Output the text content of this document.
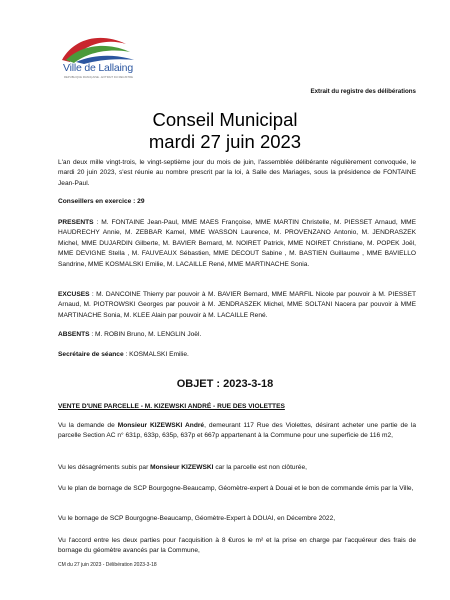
Ville de Lallaing
REPUBLIQUE FRANÇAISE - EXTRAIT DU REGISTRE
Extrait du registre des délibérations
Conseil Municipal
mardi 27 juin 2023
L'an deux mille vingt-trois, le vingt-septième jour du mois de juin, l'assemblée délibérante régulièrement convoquée, le mardi 20 juin 2023, s'est réunie au nombre prescrit par la loi, à Salle des Mariages, sous la présidence de FONTAINE Jean-Paul.
Conseillers en exercice : 29
PRESENTS : M. FONTAINE Jean-Paul, MME MAES Françoise, MME MARTIN Christelle, M. PIESSET Arnaud, MME HAUDRECHY Annie, M. ZEBBAR Kamel, MME WASSON Laurence, M. PROVENZANO Antonio, M. JENDRASZEK Michel, MME DUJARDIN Gilberte, M. BAVIER Bernard, M. NOIRET Patrick, MME NOIRET Christiane, M. POPEK Joël, MME DEVIGNE Stella , M. FAUVEAUX Sébastien, MME DECOUT Sabine , M. BASTIEN Guillaume , MME BAVIELLO Sandrine, MME KOSMALSKI Emilie, M. LACAILLE René, MME MARTINACHE Sonia.
EXCUSES : M. DANCOINE Thierry par pouvoir à M. BAVIER Bernard, MME MARFIL Nicole par pouvoir à M. PIESSET Arnaud, M. PIOTROWSKI Georges par pouvoir à M. JENDRASZEK Michel, MME SOLTANI Nacera par pouvoir à MME MARTINACHE Sonia, M. KLEE Alain par pouvoir à M. LACAILLE René.
ABSENTS : M. ROBIN Bruno, M. LENGLIN Joël.
Secrétaire de séance : KOSMALSKI Emilie.
OBJET : 2023-3-18
VENTE D'UNE PARCELLE - M. KIZEWSKI ANDRÉ - RUE DES VIOLETTES
Vu la demande de Monsieur KIZEWSKI André, demeurant 117 Rue des Violettes, désirant acheter une partie de la parcelle Section AC n° 631p, 633p, 635p, 637p et 667p appartenant à la Commune pour une superficie de 116 m2,
Vu les désagréments subis par Monsieur KIZEWSKI car la parcelle est non clôturée,
Vu le plan de bornage de SCP Bourgogne-Beaucamp, Géomètre-expert à Douai et le bon de commande émis par la Ville,
Vu le bornage de SCP Bourgogne-Beaucamp, Géomètre-Expert à DOUAI, en Décembre 2022,
Vu l'accord entre les deux parties pour l'acquisition à 8 €uros le m² et la prise en charge par l'acquéreur des frais de bornage du géomètre avancés par la Commune,
CM du 27 juin 2023 - Délibération 2023-3-18
